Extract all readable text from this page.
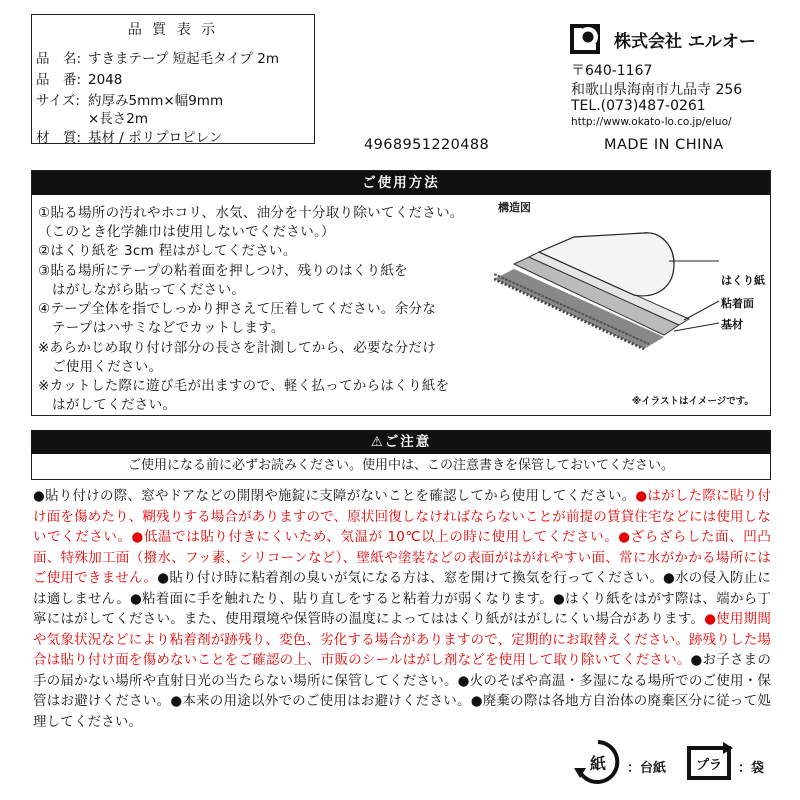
品 質 表 示
品　名: すきまテープ 短起毛タイプ 2m
品　番: 2048
サイズ: 約厚み5mm×幅9mm
×長さ2m
材　質: 基材 / ポリプロピレン
株式会社 エルオー
〒640-1167
和歌山県海南市九品寺 256
TEL.(073)487-0261
http://www.okato-lo.co.jp/eluo/
4968951220488	MADE IN CHINA
ご使用方法
①貼る場所の汚れやホコリ、水気、油分を十分取り除いてください。
（このとき化学雑巾は使用しないでください。）
②はくり紙を 3cm 程はがしてください。
③貼る場所にテープの粘着面を押しつけ、残りのはくり紙を
はがしながら貼ってください。
④テープ全体を指でしっかり押さえて圧着してください。余分な
テープはハサミなどでカットします。
※あらかじめ取り付け部分の長さを計測してから、必要な分だけ
ご使用ください。
※カットした際に遊び毛が出ますので、軽く払ってからはくり紙を
はがしてください。
構造図
はくり紙
粘着面
基材
※イラストはイメージです。
⚠ご注意
ご使用になる前に必ずお読みください。使用中は、この注意書きを保管しておいてください。
●貼り付けの際、窓やドアなどの開閉や施錠に支障がないことを確認してから使用してください。●はがした際に貼り付け面を傷めたり、糊残りする場合がありますので、原状回復しなければならないことが前提の賃貸住宅などには使用しないでください。●低温では貼り付きにくいため、気温が 10℃以上の時に使用してください。●ざらざらした面、凹凸面、特殊加工面（撥水、フッ素、シリコーンなど）、壁紙や塗装などの表面がはがれやすい面、常に水がかかる場所にはご使用できません。●貼り付け時に粘着剤の臭いが気になる方は、窓を開けて換気を行ってください。●水の侵入防止には適しません。●粘着面に手を触れたり、貼り直しをすると粘着力が弱くなります。●はくり紙をはがす際は、端から丁寧にはがしてください。また、使用環境や保管時の温度によってははくり紙がはがしにくい場合があります。●使用期間や気象状況などにより粘着剤が跡残り、変色、劣化する場合がありますので、定期的にお取替えください。跡残りした場合は貼り付け面を傷めないことをご確認の上、市販のシールはがし剤などを使用して取り除いてください。●お子さまの手の届かない場所や直射日光の当たらない場所に保管してください。●火のそばや高温・多湿になる場所でのご使用・保管はお避けください。●本来の用途以外でのご使用はお避けください。●廃棄の際は各地方自治体の廃棄区分に従って処理してください。
紙 ：台紙 プラ ：袋
